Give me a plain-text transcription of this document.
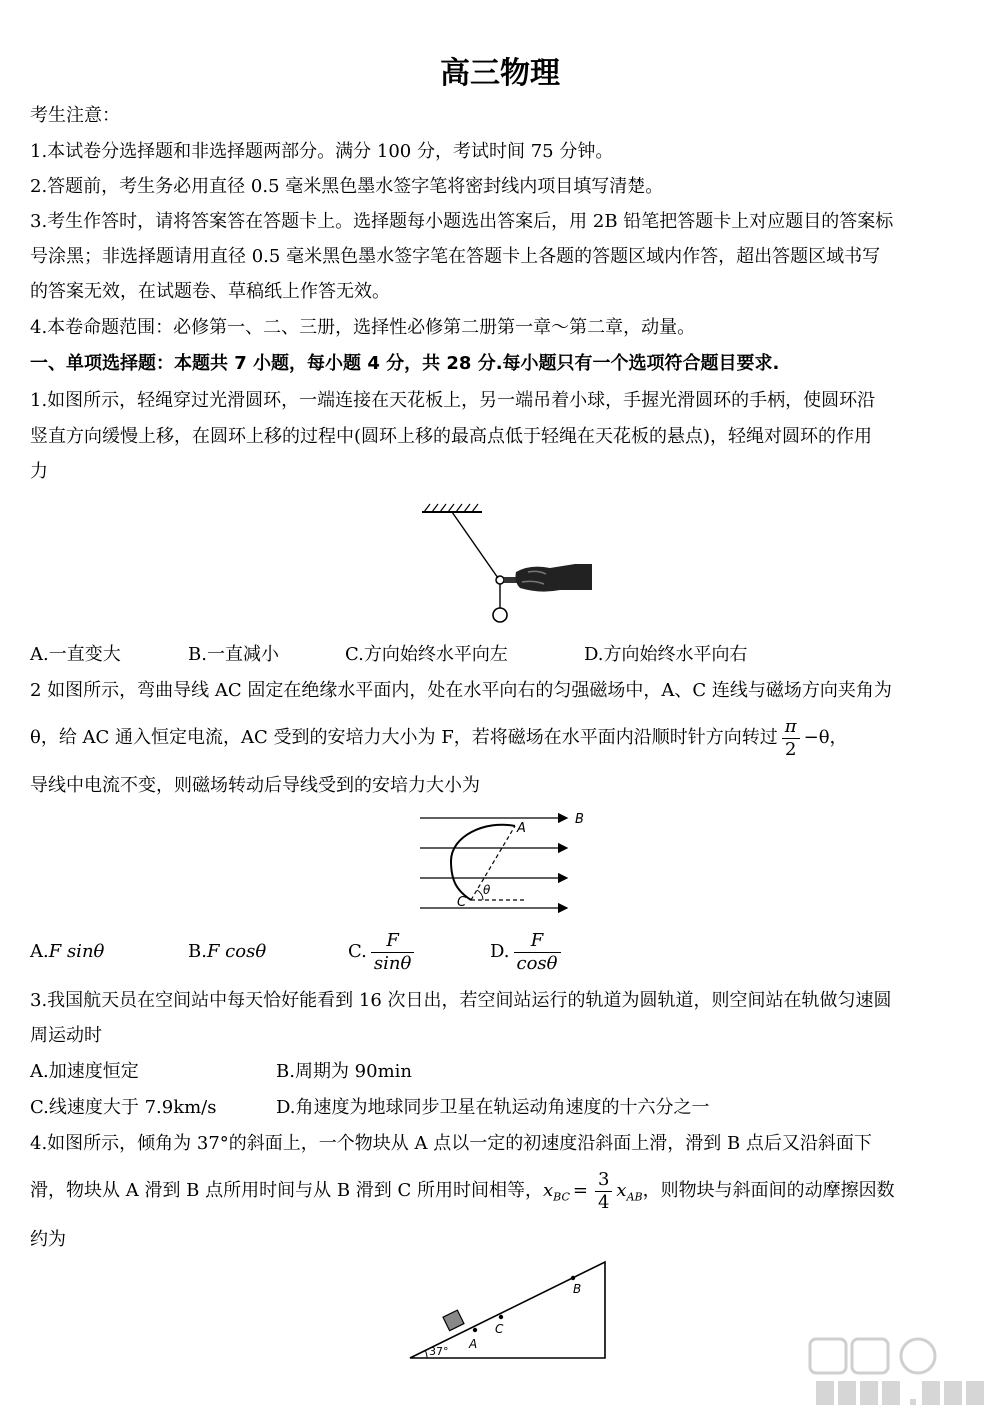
高三物理
考生注意：
1.本试卷分选择题和非选择题两部分。满分 100 分，考试时间 75 分钟。
2.答题前，考生务必用直径 0.5 毫米黑色墨水签字笔将密封线内项目填写清楚。
3.考生作答时，请将答案答在答题卡上。选择题每小题选出答案后，用 2B 铅笔把答题卡上对应题目的答案标
号涂黑；非选择题请用直径 0.5 毫米黑色墨水签字笔在答题卡上各题的答题区域内作答，超出答题区域书写
的答案无效，在试题卷、草稿纸上作答无效。
4.本卷命题范围：必修第一、二、三册，选择性必修第二册第一章～第二章，动量。
一、单项选择题：本题共 7 小题，每小题 4 分，共 28 分.每小题只有一个选项符合题目要求.
1.如图所示，轻绳穿过光滑圆环，一端连接在天花板上，另一端吊着小球，手握光滑圆环的手柄，使圆环沿
竖直方向缓慢上移，在圆环上移的过程中(圆环上移的最高点低于轻绳在天花板的悬点)，轻绳对圆环的作用
力
A.一直变大	B.一直减小	C.方向始终水平向左	D.方向始终水平向右
2 如图所示，弯曲导线 AC 固定在绝缘水平面内，处在水平向右的匀强磁场中，A、C 连线与磁场方向夹角为
θ，给 AC 通入恒定电流，AC 受到的安培力大小为 F，若将磁场在水平面内沿顺时针方向转过 $\frac{\pi}{2} -\theta$，
导线中电流不变，则磁场转动后导线受到的安培力大小为
A
B
C
θ
A.F sinθ	B.F cosθ	C. $\frac{F}{\sin\theta}$	D. $\frac{F}{\cos\theta}$
3.我国航天员在空间站中每天恰好能看到 16 次日出，若空间站运行的轨道为圆轨道，则空间站在轨做匀速圆
周运动时
A.加速度恒定	B.周期为 90min
C.线速度大于 7.9km/s	D.角速度为地球同步卫星在轨运动角速度的十六分之一
4.如图所示，倾角为 37°的斜面上，一个物块从 A 点以一定的初速度沿斜面上滑，滑到 B 点后又沿斜面下
滑，物块从 A 滑到 B 点所用时间与从 B 滑到 C 所用时间相等，$x_{BC} = \frac{3}{4} x_{AB}$，则物块与斜面间的动摩擦因数
约为
A
C
B
37°
